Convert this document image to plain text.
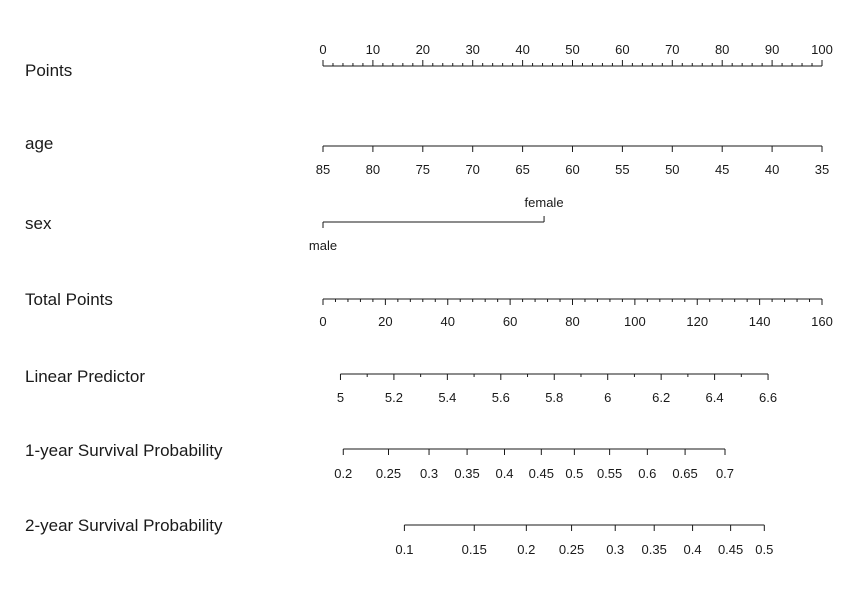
Points
0	10	20	30	40	50	60	70	80	90 100
age
85	80	75	70	65	60	55	50	45	40	35
sex
male
female
Total Points
0	20	40	60	80	100	120	140	160
Linear Predictor
5	5.2	5.4	5.6	5.8	6	6.2	6.4	6.6
1-year Survival Probability
0.2 0.25 0.3 0.35 0.4 0.45 0.5 0.55 0.6 0.65 0.7
2-year Survival Probability
0.1	0.15 0.2 0.25 0.3 0.35 0.4 0.45 0.5
